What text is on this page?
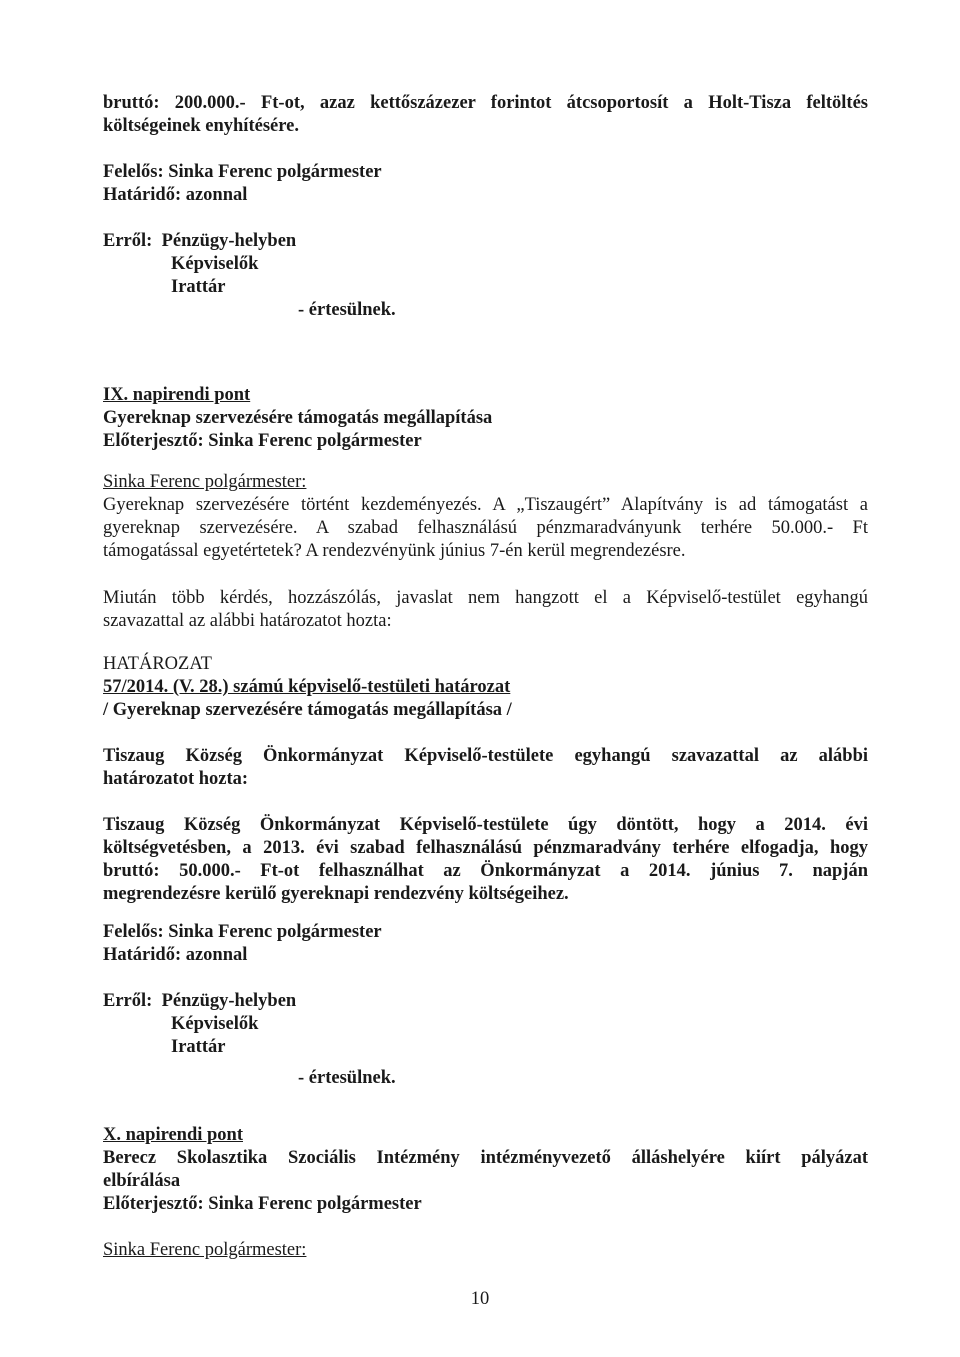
bruttó: 200.000.- Ft-ot, azaz kettőszázezer forintot átcsoportosít a Holt-Tisza feltöltés
költségeinek enyhítésére.
Felelős: Sinka Ferenc polgármester
Határidő: azonnal
Erről: Pénzügy-helyben
Képviselők
Irattár
- értesülnek.
IX. napirendi pont
Gyereknap szervezésére támogatás megállapítása
Előterjesztő: Sinka Ferenc polgármester
Sinka Ferenc polgármester:
Gyereknap szervezésére történt kezdeményezés. A „Tiszaugért” Alapítvány is ad támogatást a
gyereknap szervezésére. A szabad felhasználású pénzmaradványunk terhére 50.000.- Ft
támogatással egyetértetek? A rendezvényünk június 7-én kerül megrendezésre.
Miután több kérdés, hozzászólás, javaslat nem hangzott el a Képviselő-testület egyhangú
szavazattal az alábbi határozatot hozta:
HATÁROZAT
57/2014. (V. 28.) számú képviselő-testületi határozat
/ Gyereknap szervezésére támogatás megállapítása /
Tiszaug Község Önkormányzat Képviselő-testülete egyhangú szavazattal az alábbi
határozatot hozta:
Tiszaug Község Önkormányzat Képviselő-testülete úgy döntött, hogy a 2014. évi
költségvetésben, a 2013. évi szabad felhasználású pénzmaradvány terhére elfogadja, hogy
bruttó: 50.000.- Ft-ot felhasználhat az Önkormányzat a 2014. június 7. napján
megrendezésre kerülő gyereknapi rendezvény költségeihez.
Felelős: Sinka Ferenc polgármester
Határidő: azonnal
Erről: Pénzügy-helyben
Képviselők
Irattár
- értesülnek.
X. napirendi pont
Berecz Skolasztika Szociális Intézmény intézményvezető álláshelyére kiírt pályázat
elbírálása
Előterjesztő: Sinka Ferenc polgármester
Sinka Ferenc polgármester:
10
